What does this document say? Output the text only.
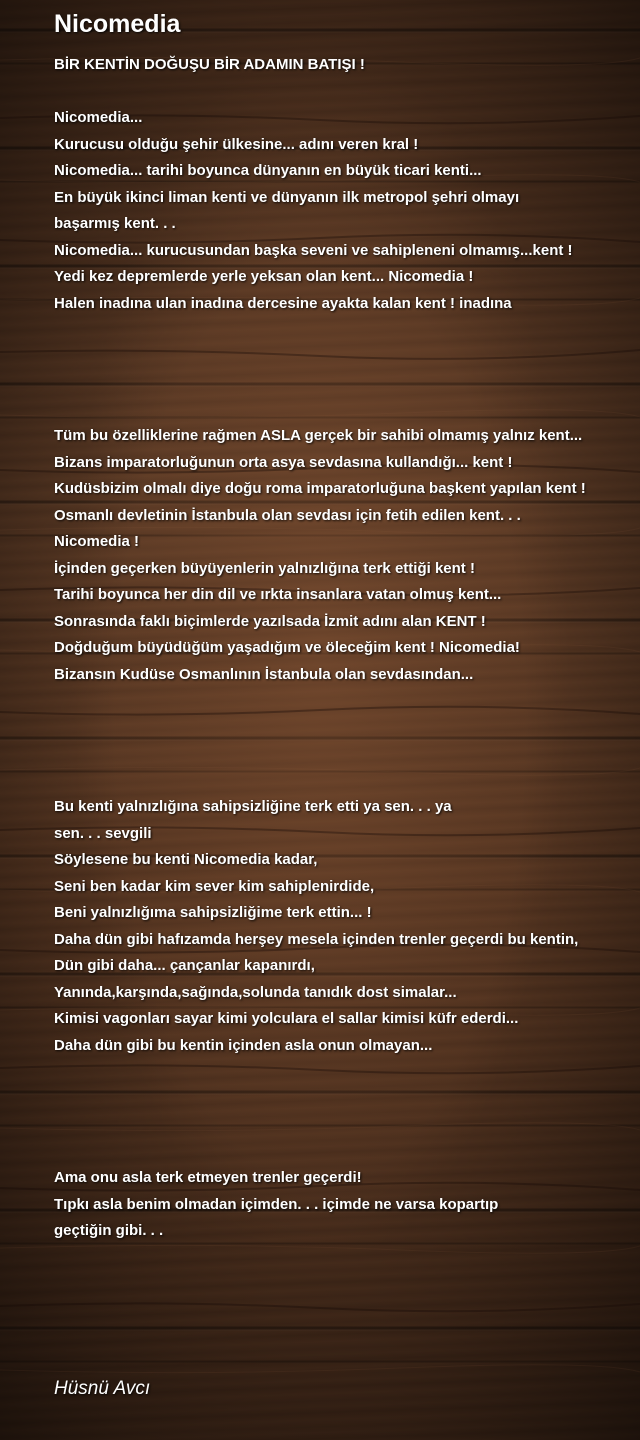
Nicomedia
BİR KENTİN DOĞUŞU BİR ADAMIN BATIŞI !
Nicomedia...
Kurucusu olduğu şehir ülkesine... adını veren kral !
Nicomedia... tarihi boyunca dünyanın en büyük ticari kenti...
En büyük ikinci liman kenti ve dünyanın ilk metropol şehri olmayı
başarmış kent. . .
Nicomedia... kurucusundan başka seveni ve sahipleneni olmamış...kent !
Yedi kez depremlerde yerle yeksan olan kent... Nicomedia !
Halen inadına ulan inadına dercesine ayakta kalan kent ! inadına
Tüm bu özelliklerine rağmen ASLA gerçek bir sahibi olmamış yalnız kent...
Bizans imparatorluğunun orta asya sevdasına kullandığı... kent !
Kudüsbizim olmalı diye doğu roma imparatorluğuna başkent yapılan kent !
Osmanlı devletinin İstanbula olan sevdası için fetih edilen kent. . .
Nicomedia !
İçinden geçerken büyüyenlerin yalnızlığına terk ettiği kent !
Tarihi boyunca her din dil ve ırkta insanlara vatan olmuş kent...
Sonrasında faklı biçimlerde yazılsada İzmit adını alan KENT !
Doğduğum büyüdüğüm yaşadığım ve öleceğim kent ! Nicomedia!
Bizansın Kudüse Osmanlının İstanbula olan sevdasından...
Bu kenti yalnızlığına sahipsizliğine terk etti ya sen. . . ya
sen. . . sevgili
Söylesene bu kenti Nicomedia kadar,
Seni ben kadar kim sever kim sahiplenirdide,
Beni yalnızlığıma sahipsizliğime terk ettin... !
Daha dün gibi hafızamda herşey mesela içinden trenler geçerdi bu kentin,
Dün gibi daha... çançanlar kapanırdı,
Yanında,karşında,sağında,solunda tanıdık dost simalar...
Kimisi vagonları sayar kimi yolculara el sallar kimisi küfr ederdi...
Daha dün gibi bu kentin içinden asla onun olmayan...
Ama onu asla terk etmeyen trenler geçerdi!
Tıpkı asla benim olmadan içimden. . . içimde ne varsa kopartıp
geçtiğin gibi. . .
Hüsnü Avcı
